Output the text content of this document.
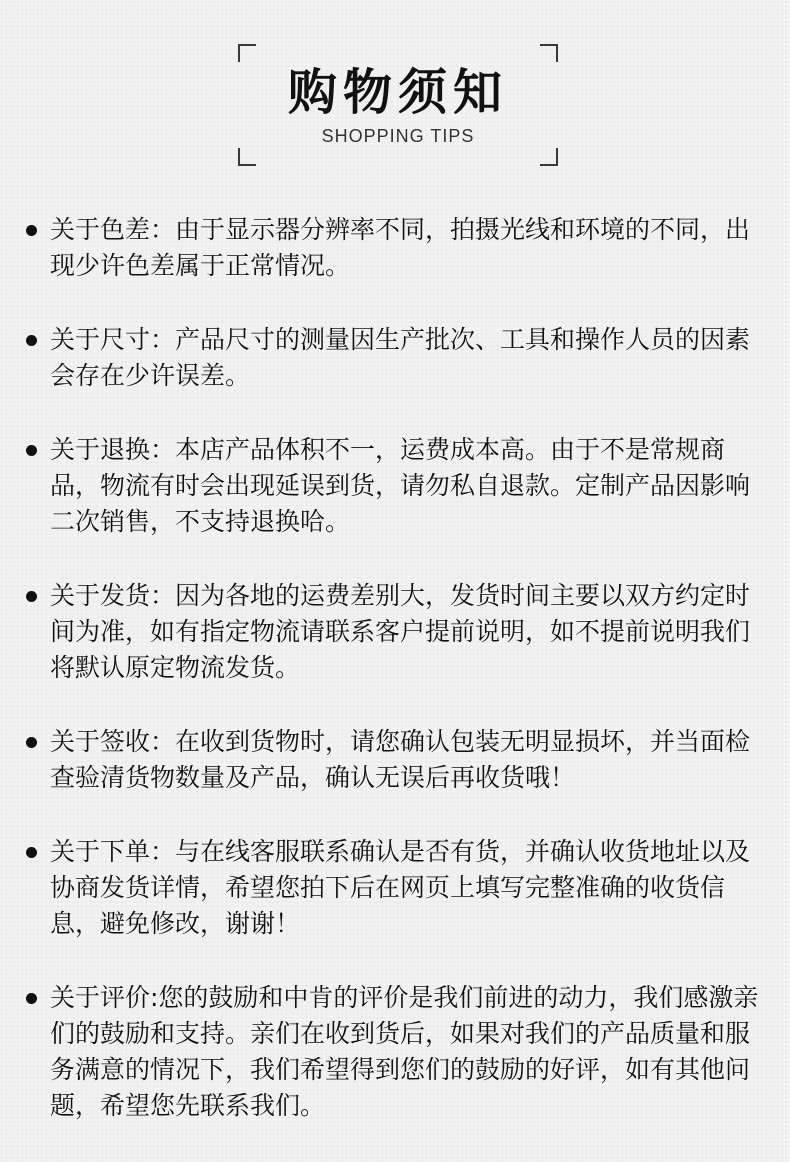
购物须知
SHOPPING TIPS
关于色差：由于显示器分辨率不同，拍摄光线和环境的不同，出现少许色差属于正常情况。
关于尺寸：产品尺寸的测量因生产批次、工具和操作人员的因素会存在少许误差。
关于退换：本店产品体积不一，运费成本高。由于不是常规商品，物流有时会出现延误到货，请勿私自退款。定制产品因影响二次销售，不支持退换哈。
关于发货：因为各地的运费差别大，发货时间主要以双方约定时间为准，如有指定物流请联系客户提前说明，如不提前说明我们将默认原定物流发货。
关于签收：在收到货物时，请您确认包装无明显损坏，并当面检查验清货物数量及产品，确认无误后再收货哦！
关于下单：与在线客服联系确认是否有货，并确认收货地址以及协商发货详情，希望您拍下后在网页上填写完整准确的收货信息，避免修改，谢谢！
关于评价:您的鼓励和中肯的评价是我们前进的动力，我们感激亲们的鼓励和支持。亲们在收到货后，如果对我们的产品质量和服务满意的情况下，我们希望得到您们的鼓励的好评，如有其他问题，希望您先联系我们。
